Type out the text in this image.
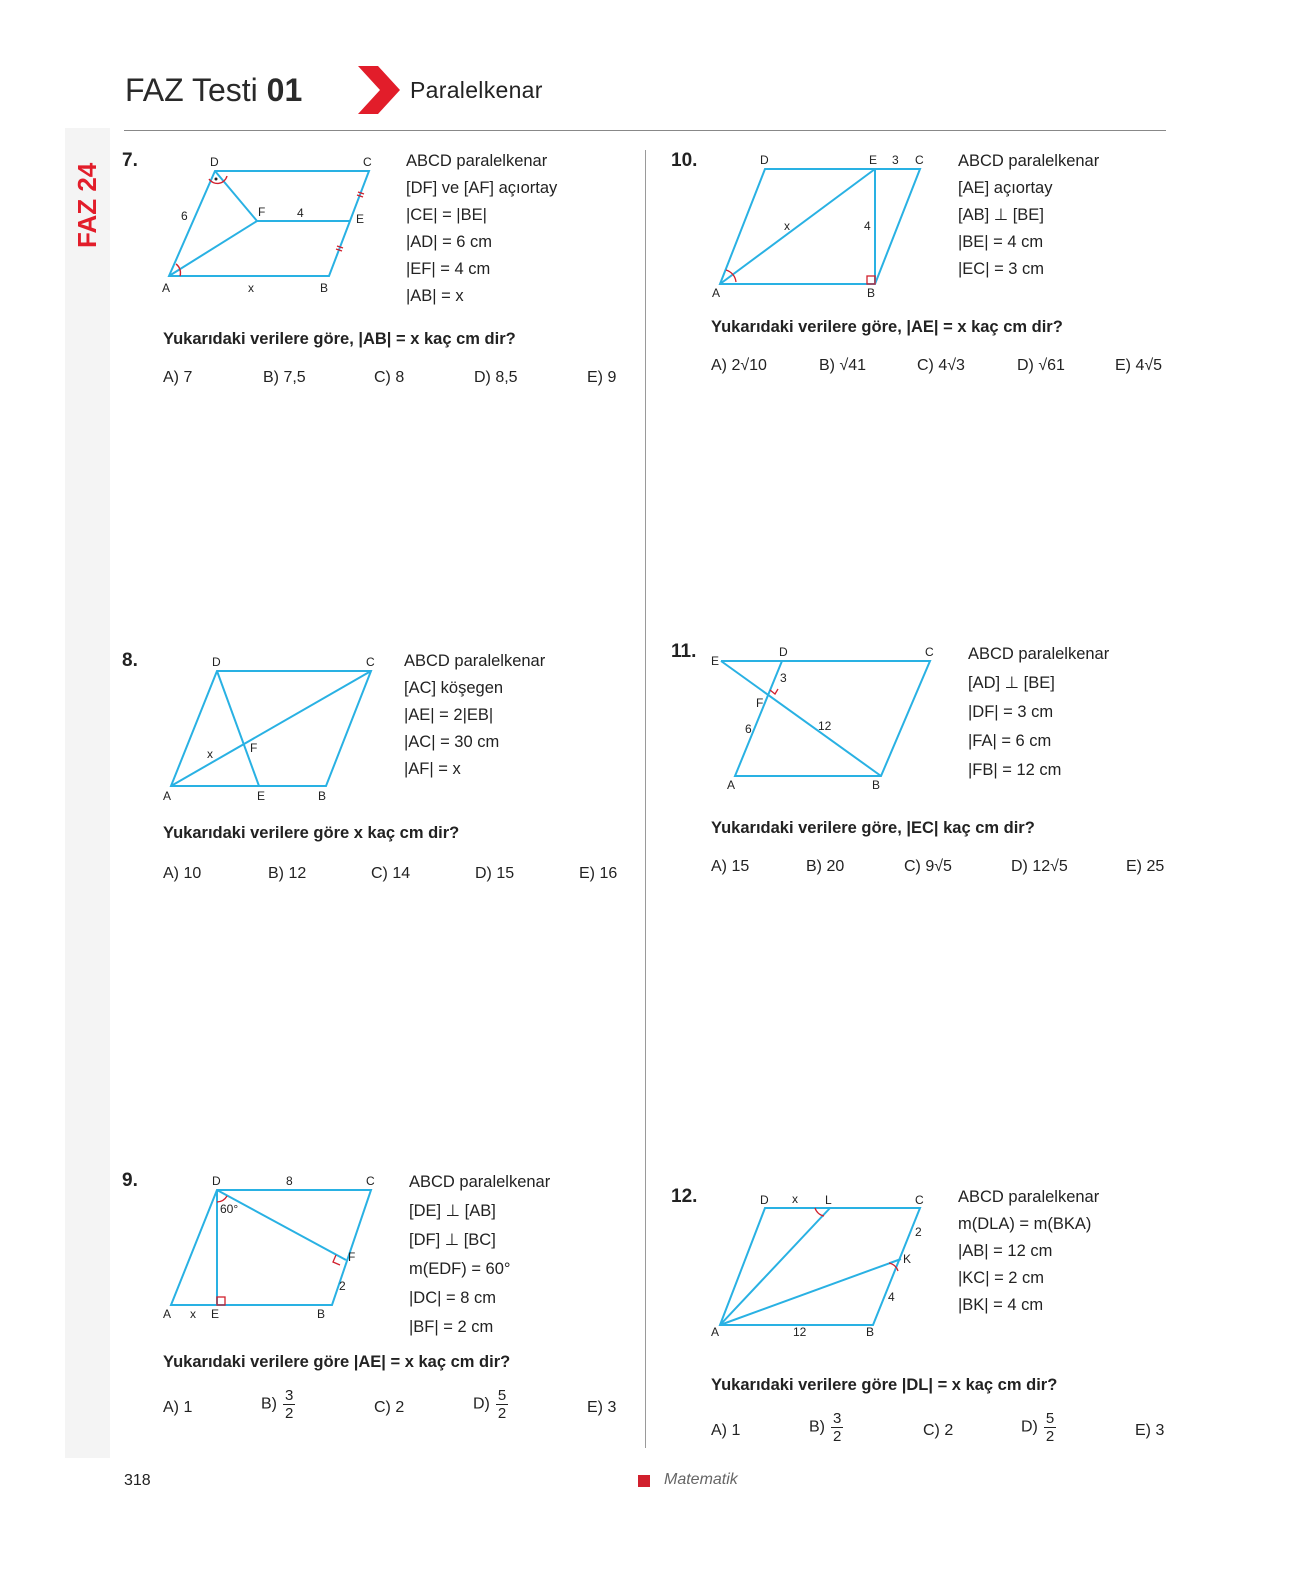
FAZ 24
FAZ Testi 01	Paralelkenar
7.	D	C
6	F	4	E
A	x	B
ABCD paralelkenar
[DF] ve [AF] açıortay
|CE| = |BE|
|AD| = 6 cm
|EF| = 4 cm
|AB| = x
Yukarıdaki verilere göre, |AB| = x kaç cm dir?
A) 7	B) 7,5	C) 8	D) 8,5	E) 9
8.	D	C
x	F
A	E	B
ABCD paralelkenar
[AC] köşegen
|AE| = 2|EB|
|AC| = 30 cm
|AF| = x
Yukarıdaki verilere göre x kaç cm dir?
A) 10	B) 12	C) 14	D) 15	E) 16
9.	D	8	C
60°
F
2
A x E	B
ABCD paralelkenar
[DE] ⊥ [AB]
[DF] ⊥ [BC]
m(EDF) = 60°
|DC| = 8 cm
|BF| = 2 cm
Yukarıdaki verilere göre |AE| = x kaç cm dir?
A) 1	$B) \frac{3}{2}$	C) 2	$D) \frac{5}{2}$	E) 3
10.	D	E 3 C
x	4
A	B
ABCD paralelkenar
[AE] açıortay
[AB] ⊥ [BE]
|BE| = 4 cm
|EC| = 3 cm
Yukarıdaki verilere göre, |AE| = x kaç cm dir?
A) 2√10	B) √41	C) 4√3	D) √61	E) 4√5
11. E
D	C
3
F
6	12
A	B
ABCD paralelkenar
[AD] ⊥ [BE]
|DF| = 3 cm
|FA| = 6 cm
|FB| = 12 cm
Yukarıdaki verilere göre, |EC| kaç cm dir?
A) 15	B) 20	C) 9√5	D) 12√5	E) 25
12.	D x L	C
2
K
4
A	12	B
ABCD paralelkenar
m(DLA) = m(BKA)
|AB| = 12 cm
|KC| = 2 cm
|BK| = 4 cm
Yukarıdaki verilere göre |DL| = x kaç cm dir?
A) 1	$B) \frac{3}{2}$	C) 2	$D) \frac{5}{2}$	E) 3
318	Matematik
